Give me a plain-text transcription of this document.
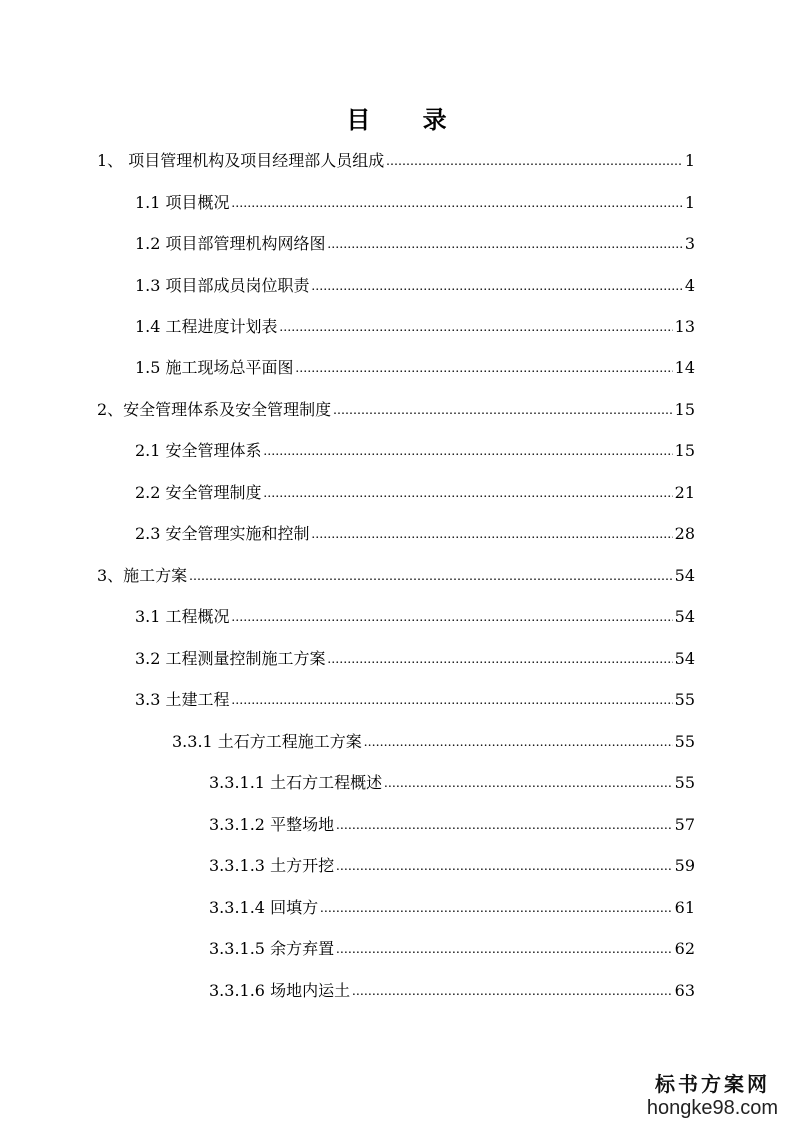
目 录
1、 项目管理机构及项目经理部人员组成 .....	1
1.1 项目概况 .....	1
1.2 项目部管理机构网络图 .....	3
1.3 项目部成员岗位职责 .....	4
1.4 工程进度计划表 .....	13
1.5 施工现场总平面图 .....	14
2、安全管理体系及安全管理制度 .....	15
2.1 安全管理体系 .....	15
2.2 安全管理制度 .....	21
2.3 安全管理实施和控制 .....	28
3、施工方案 .....	54
3.1 工程概况 .....	54
3.2 工程测量控制施工方案 .....	54
3.3 土建工程 .....	55
3.3.1 土石方工程施工方案 .....	55
3.3.1.1 土石方工程概述 .....	55
3.3.1.2 平整场地 .....	57
3.3.1.3 土方开挖 .....	59
3.3.1.4 回填方 .....	61
3.3.1.5 余方弃置 .....	62
3.3.1.6 场地内运土 .....	63
标书方案网
hongke98.com
